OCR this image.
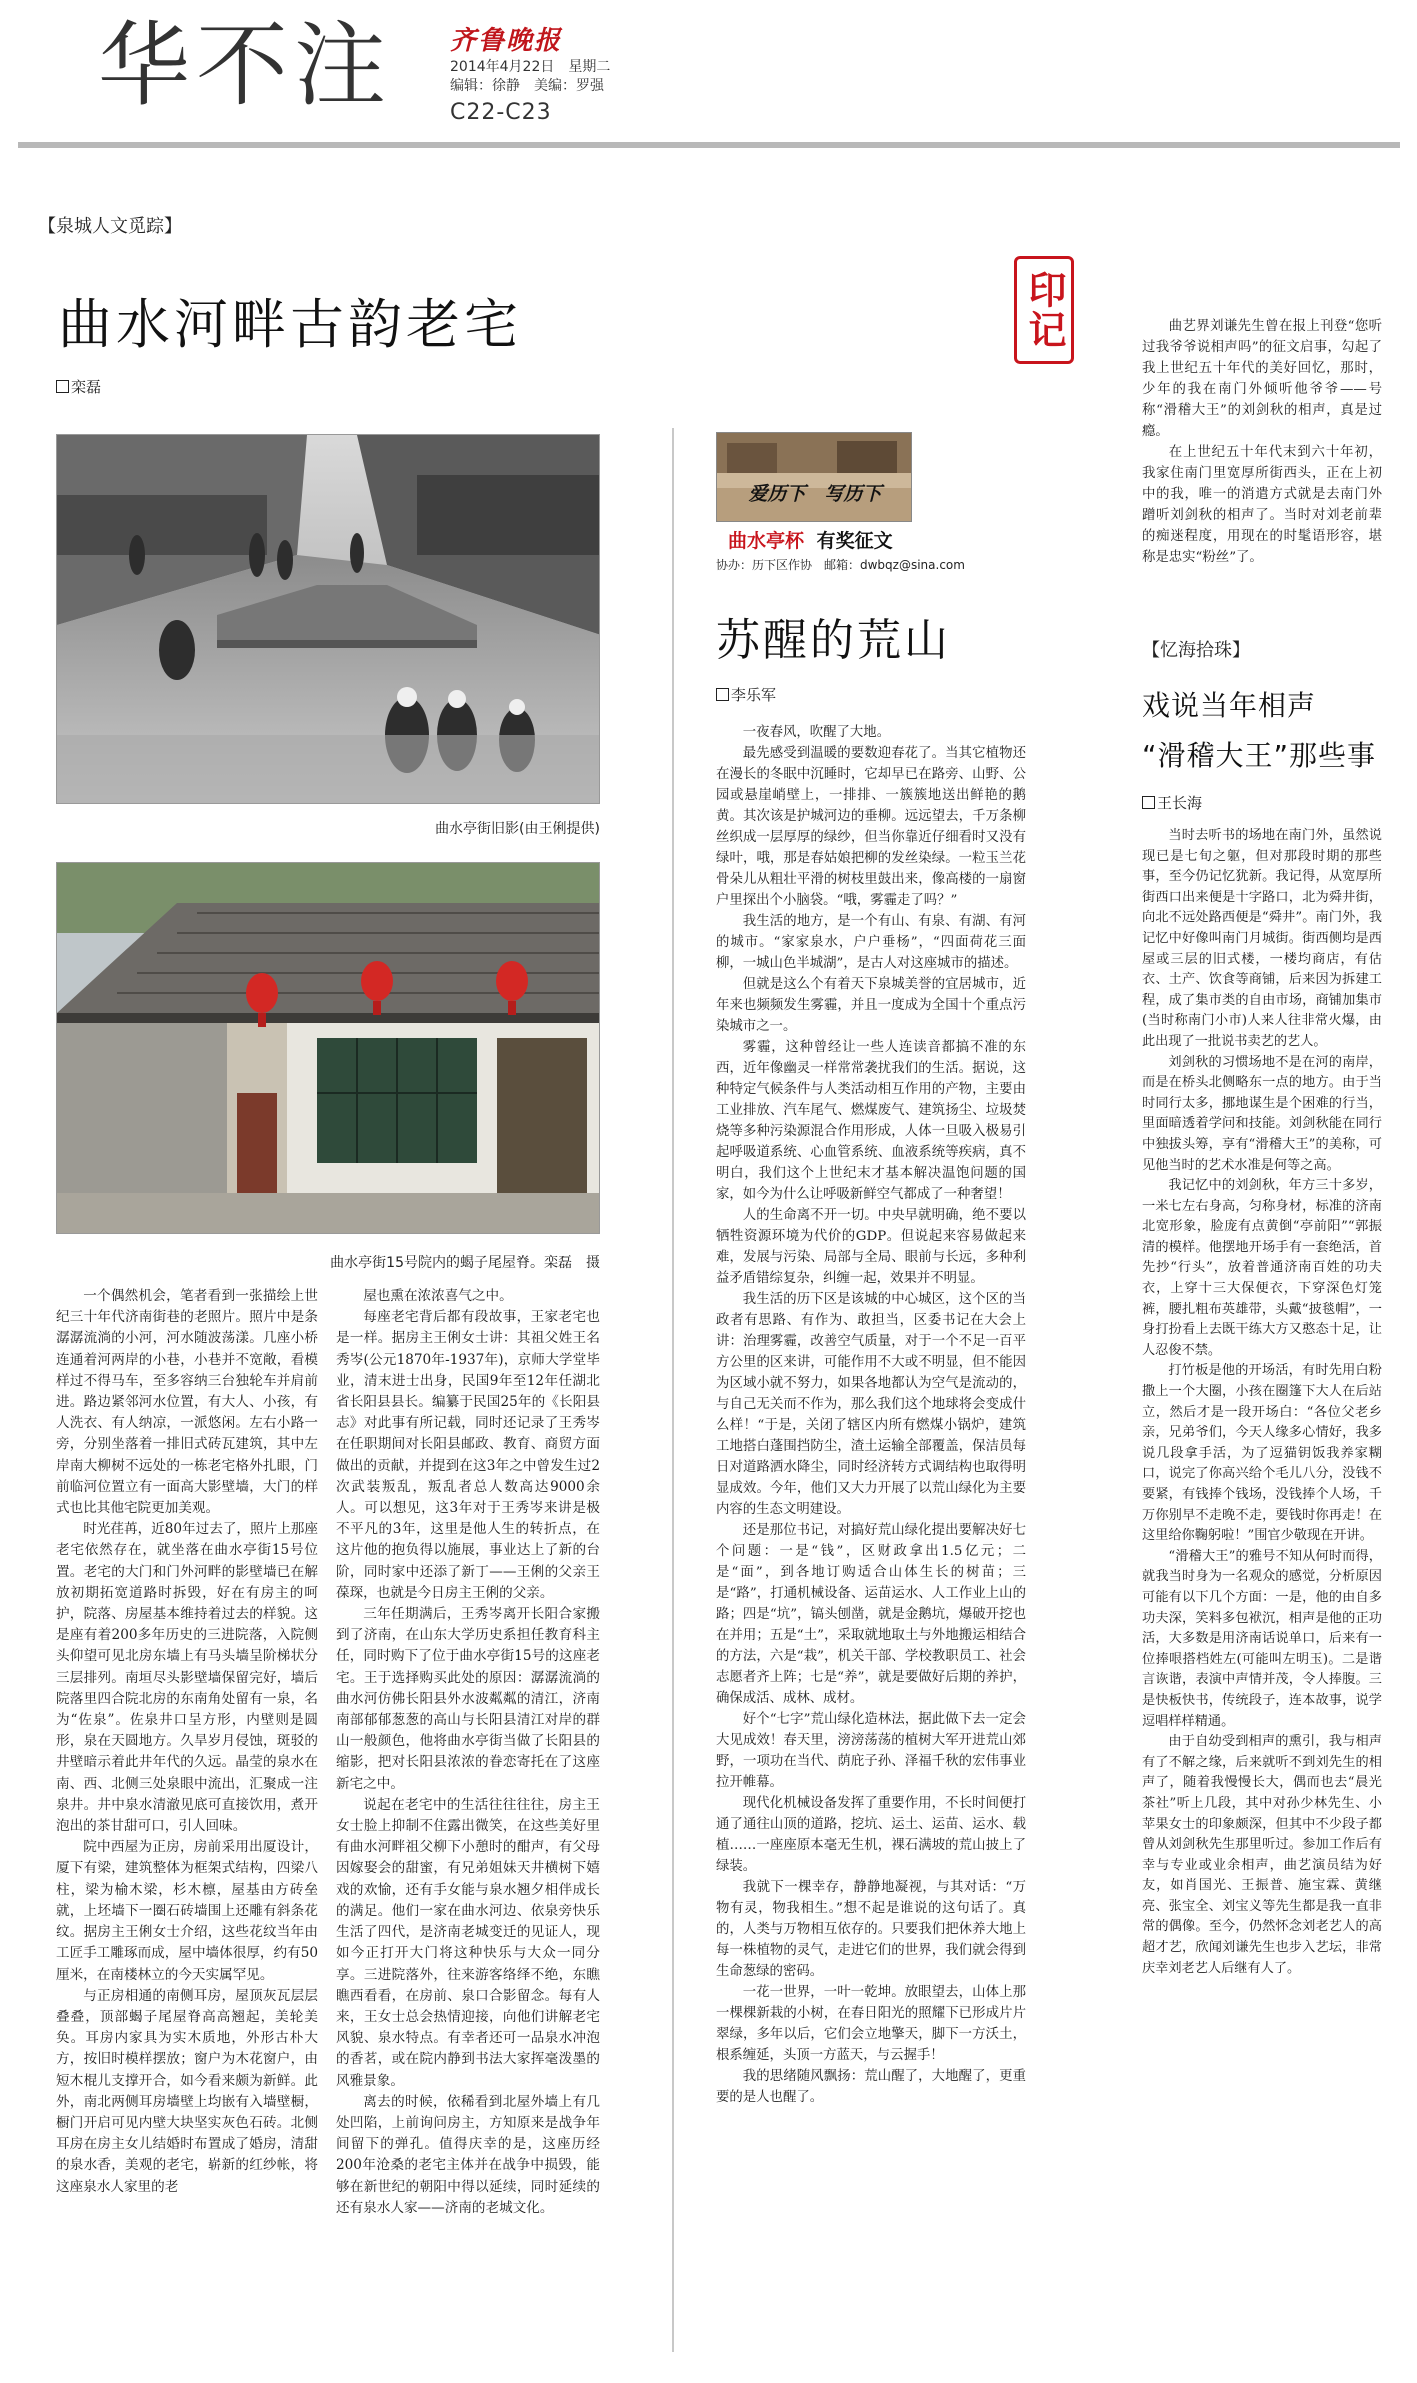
华不注 齐鲁晚报
2014年4月22日　 星期二
编辑：徐静　 美编：罗强
C22-C23
【泉城人文觅踪】
曲水河畔古韵老宅
栾磊
曲水亭街旧影(由王俐提供)
曲水亭街15号院内的蝎子尾屋脊。栾磊　摄

一个偶然机会，笔者看到一张描绘上世纪三十年代济南街巷的老照片。照片中是条潺潺流淌的小河，河水随波荡漾。几座小桥连通着河两岸的小巷，小巷并不宽敞，看模样过不得马车，至多容纳三台独轮车并肩前进。路边紧邻河水位置，有大人、小孩，有人洗衣、有人纳凉，一派悠闲。左右小路一旁，分别坐落着一排旧式砖瓦建筑，其中左岸南大柳树不远处的一栋老宅格外扎眼，门前临河位置立有一面高大影壁墙，大门的样式也比其他宅院更加美观。

时光荏苒，近80年过去了，照片上那座老宅依然存在，就坐落在曲水亭街15号位置。老宅的大门和门外河畔的影壁墙已在解放初期拓宽道路时拆毁，好在有房主的呵护，院落、房屋基本维持着过去的样貌。这是座有着200多年历史的三进院落，入院侧头仰望可见北房东墙上有马头墙呈阶梯状分三层排列。南垣尽头影壁墙保留完好，墙后院落里四合院北房的东南角处留有一泉，名为“佐泉”。佐泉井口呈方形，内壁则是圆形，泉在天圆地方。久旱岁月侵蚀，斑驳的井壁暗示着此井年代的久远。晶莹的泉水在南、西、北侧三处泉眼中流出，汇聚成一注泉井。井中泉水清澈见底可直接饮用，煮开泡出的茶甘甜可口，引人回味。

院中西屋为正房，房前采用出厦设计，厦下有梁，建筑整体为框架式结构，四梁八柱，梁为榆木梁，杉木檩，屋基由方砖垒就，上坯墙下一圈石砖墙围上还雕有斜条花纹。据房主王俐女士介绍，这些花纹当年由工匠手工雕琢而成，屋中墙体很厚，约有50厘米，在南楼林立的今天实属罕见。

与正房相通的南侧耳房，屋顶灰瓦层层叠叠，顶部蝎子尾屋脊高高翘起，美轮美奂。耳房内家具为实木质地，外形古朴大方，按旧时模样摆放；窗户为木花窗户，由短木棍儿支撑开合，如今看来颇为新鲜。此外，南北两侧耳房墙壁上均嵌有入墙壁橱，橱门开启可见内壁大块坚实灰色石砖。北侧耳房在房主女儿结婚时布置成了婚房，清甜的泉水香，美观的老宅，崭新的红纱帐，将这座泉水人家里的老

屋也熏在浓浓喜气之中。

每座老宅背后都有段故事，王家老宅也是一样。据房主王俐女士讲：其祖父姓王名秀岑(公元1870年-1937年)，京师大学堂毕业，清末进士出身，民国9年至12年任湖北省长阳县县长。编纂于民国25年的《长阳县志》对此事有所记载，同时还记录了王秀岑在任职期间对长阳县邮政、教育、商贸方面做出的贡献，并提到在这3年之中曾发生过2次武装叛乱，叛乱者总人数高达9000余人。可以想见，这3年对于王秀岑来讲是极不平凡的3年，这里是他人生的转折点，在这片他的抱负得以施展，事业达上了新的台阶，同时家中还添了新丁——王俐的父亲王葆琛，也就是今日房主王俐的父亲。

三年任期满后，王秀岑离开长阳合家搬到了济南，在山东大学历史系担任教育科主任，同时购下了位于曲水亭街15号的这座老宅。王于选择购买此处的原因：潺潺流淌的曲水河仿佛长阳县外水波粼粼的清江，济南南部郁郁葱葱的高山与长阳县清江对岸的群山一般颜色，他将曲水亭街当做了长阳县的缩影，把对长阳县浓浓的眷恋寄托在了这座新宅之中。

说起在老宅中的生活往往往往，房主王女士脸上抑制不住露出微笑，在这些美好里有曲水河畔祖父柳下小憩时的酣声，有父母因嫁娶会的甜蜜，有兄弟姐妹天井横树下嬉戏的欢愉，还有手女能与泉水翘夕相伴成长的满足。他们一家在曲水河边、依泉旁快乐生活了四代，是济南老城变迁的见证人，现如今正打开大门将这种快乐与大众一同分享。三进院落外，往来游客络绎不绝，东瞧瞧西看看，在房前、泉口合影留念。每有人来，王女士总会热情迎接，向他们讲解老宅风貌、泉水特点。有幸者还可一品泉水冲泡的香茗，或在院内静到书法大家挥毫泼墨的风雅景象。

离去的时候，依稀看到北屋外墙上有几处凹陷，上前询问房主，方知原来是战争年间留下的弹孔。值得庆幸的是，这座历经200年沧桑的老宅主体并在战争中损毁，能够在新世纪的朝阳中得以延续，同时延续的还有泉水人家——济南的老城文化。

爱历下　写历下
曲水亭杯 有奖征文
协办：历下区作协　邮箱：dwbqz@sina.com
印记
苏醒的荒山
李乐军

一夜春风，吹醒了大地。

最先感受到温暖的要数迎春花了。当其它植物还在漫长的冬眠中沉睡时，它却早已在路旁、山野、公园或悬崖峭壁上，一排排、一簇簇地送出鲜艳的鹅黄。其次该是护城河边的垂柳。远远望去，千万条柳丝织成一层厚厚的绿纱，但当你靠近仔细看时又没有绿叶，哦，那是春姑娘把柳的发丝染绿。一粒玉兰花骨朵儿从粗壮平滑的树枝里鼓出来，像高楼的一扇窗户里探出个小脑袋。“哦，雾霾走了吗？”

我生活的地方，是一个有山、有泉、有湖、有河的城市。“家家泉水，户户垂杨”，“四面荷花三面柳，一城山色半城湖”，是古人对这座城市的描述。

但就是这么个有着天下泉城美誉的宜居城市，近年来也频频发生雾霾，并且一度成为全国十个重点污染城市之一。

雾霾，这种曾经让一些人连读音都搞不准的东西，近年像幽灵一样常常袭扰我们的生活。据说，这种特定气候条件与人类活动相互作用的产物，主要由工业排放、汽车尾气、燃煤废气、建筑扬尘、垃圾焚烧等多种污染源混合作用形成，人体一旦吸入极易引起呼吸道系统、心血管系统、血液系统等疾病，真不明白，我们这个上世纪末才基本解决温饱问题的国家，如今为什么让呼吸新鲜空气都成了一种奢望！

人的生命离不开一切。中央早就明确，绝不要以牺牲资源环境为代价的GDP。但说起来容易做起来难，发展与污染、局部与全局、眼前与长远，多种利益矛盾错综复杂，纠缠一起，效果并不明显。

我生活的历下区是该城的中心城区，这个区的当政者有思路、有作为、敢担当，区委书记在大会上讲：治理雾霾，改善空气质量，对于一个不足一百平方公里的区来讲，可能作用不大或不明显，但不能因为区域小就不努力，如果各地都认为空气是流动的，与自己无关而不作为，那么我们这个地球将会变成什么样！“于是，关闭了辖区内所有燃煤小锅炉，建筑工地搭白蓬围挡防尘，渣土运输全部覆盖，保洁员每日对道路洒水降尘，同时经济转方式调结构也取得明显成效。今年，他们又大力开展了以荒山绿化为主要内容的生态文明建设。

还是那位书记，对搞好荒山绿化提出要解决好七个问题：一是“钱”，区财政拿出1.5亿元；二是“面”，到各地订购适合山体生长的树苗；三是“路”，打通机械设备、运苗运水、人工作业上山的路；四是“坑”，镐头刨凿，就是金鹅坑，爆破开挖也在并用；五是“土”，采取就地取土与外地搬运相结合的方法，六是“栽”，机关干部、学校教职员工、社会志愿者齐上阵；七是“养”，就是要做好后期的养护，确保成活、成林、成材。

好个“七字”荒山绿化造林法，据此做下去一定会大见成效！春天里，滂滂荡荡的植树大军开进荒山郊野，一项功在当代、荫庇子孙、泽福千秋的宏伟事业拉开帷幕。

现代化机械设备发挥了重要作用，不长时间便打通了通往山顶的道路，挖坑、运土、运苗、运水、载植……一座座原本毫无生机，裸石满坡的荒山披上了绿装。

我就下一棵幸存，静静地凝视，与其对话：“万物有灵，物我相生。”想不起是谁说的这句话了。真的，人类与万物相互依存的。只要我们把休养大地上每一株植物的灵气，走进它们的世界，我们就会得到生命葱绿的密码。

一花一世界，一叶一乾坤。放眼望去，山体上那一棵棵新栽的小树，在春日阳光的照耀下已形成片片翠绿，多年以后，它们会立地擎天，脚下一方沃土，根系缠延，头顶一方蓝天，与云握手！

我的思绪随风飘扬：荒山醒了，大地醒了，更重要的是人也醒了。

曲艺界刘谦先生曾在报上刊登“您听过我爷爷说相声吗”的征文启事，勾起了我上世纪五十年代的美好回忆，那时，少年的我在南门外倾听他爷爷——号称“滑稽大王”的刘剑秋的相声，真是过瘾。

在上世纪五十年代末到六十年初，我家住南门里宽厚所街西头，正在上初中的我，唯一的消遣方式就是去南门外蹭听刘剑秋的相声了。当时对刘老前辈的痴迷程度，用现在的时髦语形容，堪称是忠实“粉丝”了。

【忆海拾珠】
戏说当年相声
“滑稽大王”那些事
王长海

当时去听书的场地在南门外，虽然说现已是七旬之躯，但对那段时期的那些事，至今仍记忆犹新。我记得，从宽厚所街西口出来便是十字路口，北为舜井街，向北不远处路西便是“舜井”。南门外，我记忆中好像叫南门月城街。街西侧均是西屋或三层的旧式楼，一楼均商店，有估衣、土产、饮食等商铺，后来因为拆建工程，成了集市类的自由市场，商铺加集市(当时称南门小市)人来人往非常火爆，由此出现了一批说书卖艺的艺人。

刘剑秋的习惯场地不是在河的南岸，而是在桥头北侧略东一点的地方。由于当时同行太多，挪地谋生是个困难的行当，里面暗透着学问和技能。刘剑秋能在同行中独拔头筹，享有“滑稽大王”的美称，可见他当时的艺术水准是何等之高。

我记忆中的刘剑秋，年方三十多岁，一米七左右身高，匀称身材，标准的济南北宽形象，脸庞有点黄倒“亭前阳”“郭振清的模样。他摆地开场手有一套绝活，首先抄“行头”，放着普通济南百姓的功夫衣，上穿十三大保便衣，下穿深色灯笼裤，腰扎粗布英雄带，头戴“披毯帽”，一身打扮看上去既干练大方又憨态十足，让人忍俊不禁。

打竹板是他的开场活，有时先用白粉撒上一个大圈，小孩在圈篷下大人在后站立，然后才是一段开场白：“各位父老乡亲，兄弟爷们，今天人缘多心情好，我多说几段拿手活，为了逗猫钥饭我养家糊口，说完了你高兴给个毛儿八分，没钱不要紧，有钱捧个钱场，没钱捧个人场，千万你别早不走晚不走，要钱时你再走！在这里给你鞠躬啦！”围官少敬现在开讲。

“滑稽大王”的雅号不知从何时而得，就我当时身为一名观众的感觉，分析原因可能有以下几个方面：一是，他的由自多功夫深，笑料多包袱沉，相声是他的正功活，大多数是用济南话说单口，后来有一位捧哏搭档姓左(可能叫左明玉)。二是谐言诙谐，表演中声情并茂，令人捧腹。三是快板快书，传统段子，连本故事，说学逗唱样样精通。

由于自幼受到相声的熏引，我与相声有了不解之缘，后来就听不到刘先生的相声了，随着我慢慢长大，偶而也去“晨光茶社”听上几段，其中对孙少林先生、小苹果女士的印象颇深，但其中不少段子都曾从刘剑秋先生那里听过。参加工作后有幸与专业或业余相声，曲艺演员结为好友，如肖国光、王振普、施宝霖、黄继亮、张宝全、刘宝义等先生都是我一直非常的偶像。至今，仍然怀念刘老艺人的高超才艺，欣闻刘谦先生也步入艺坛，非常庆幸刘老艺人后继有人了。
